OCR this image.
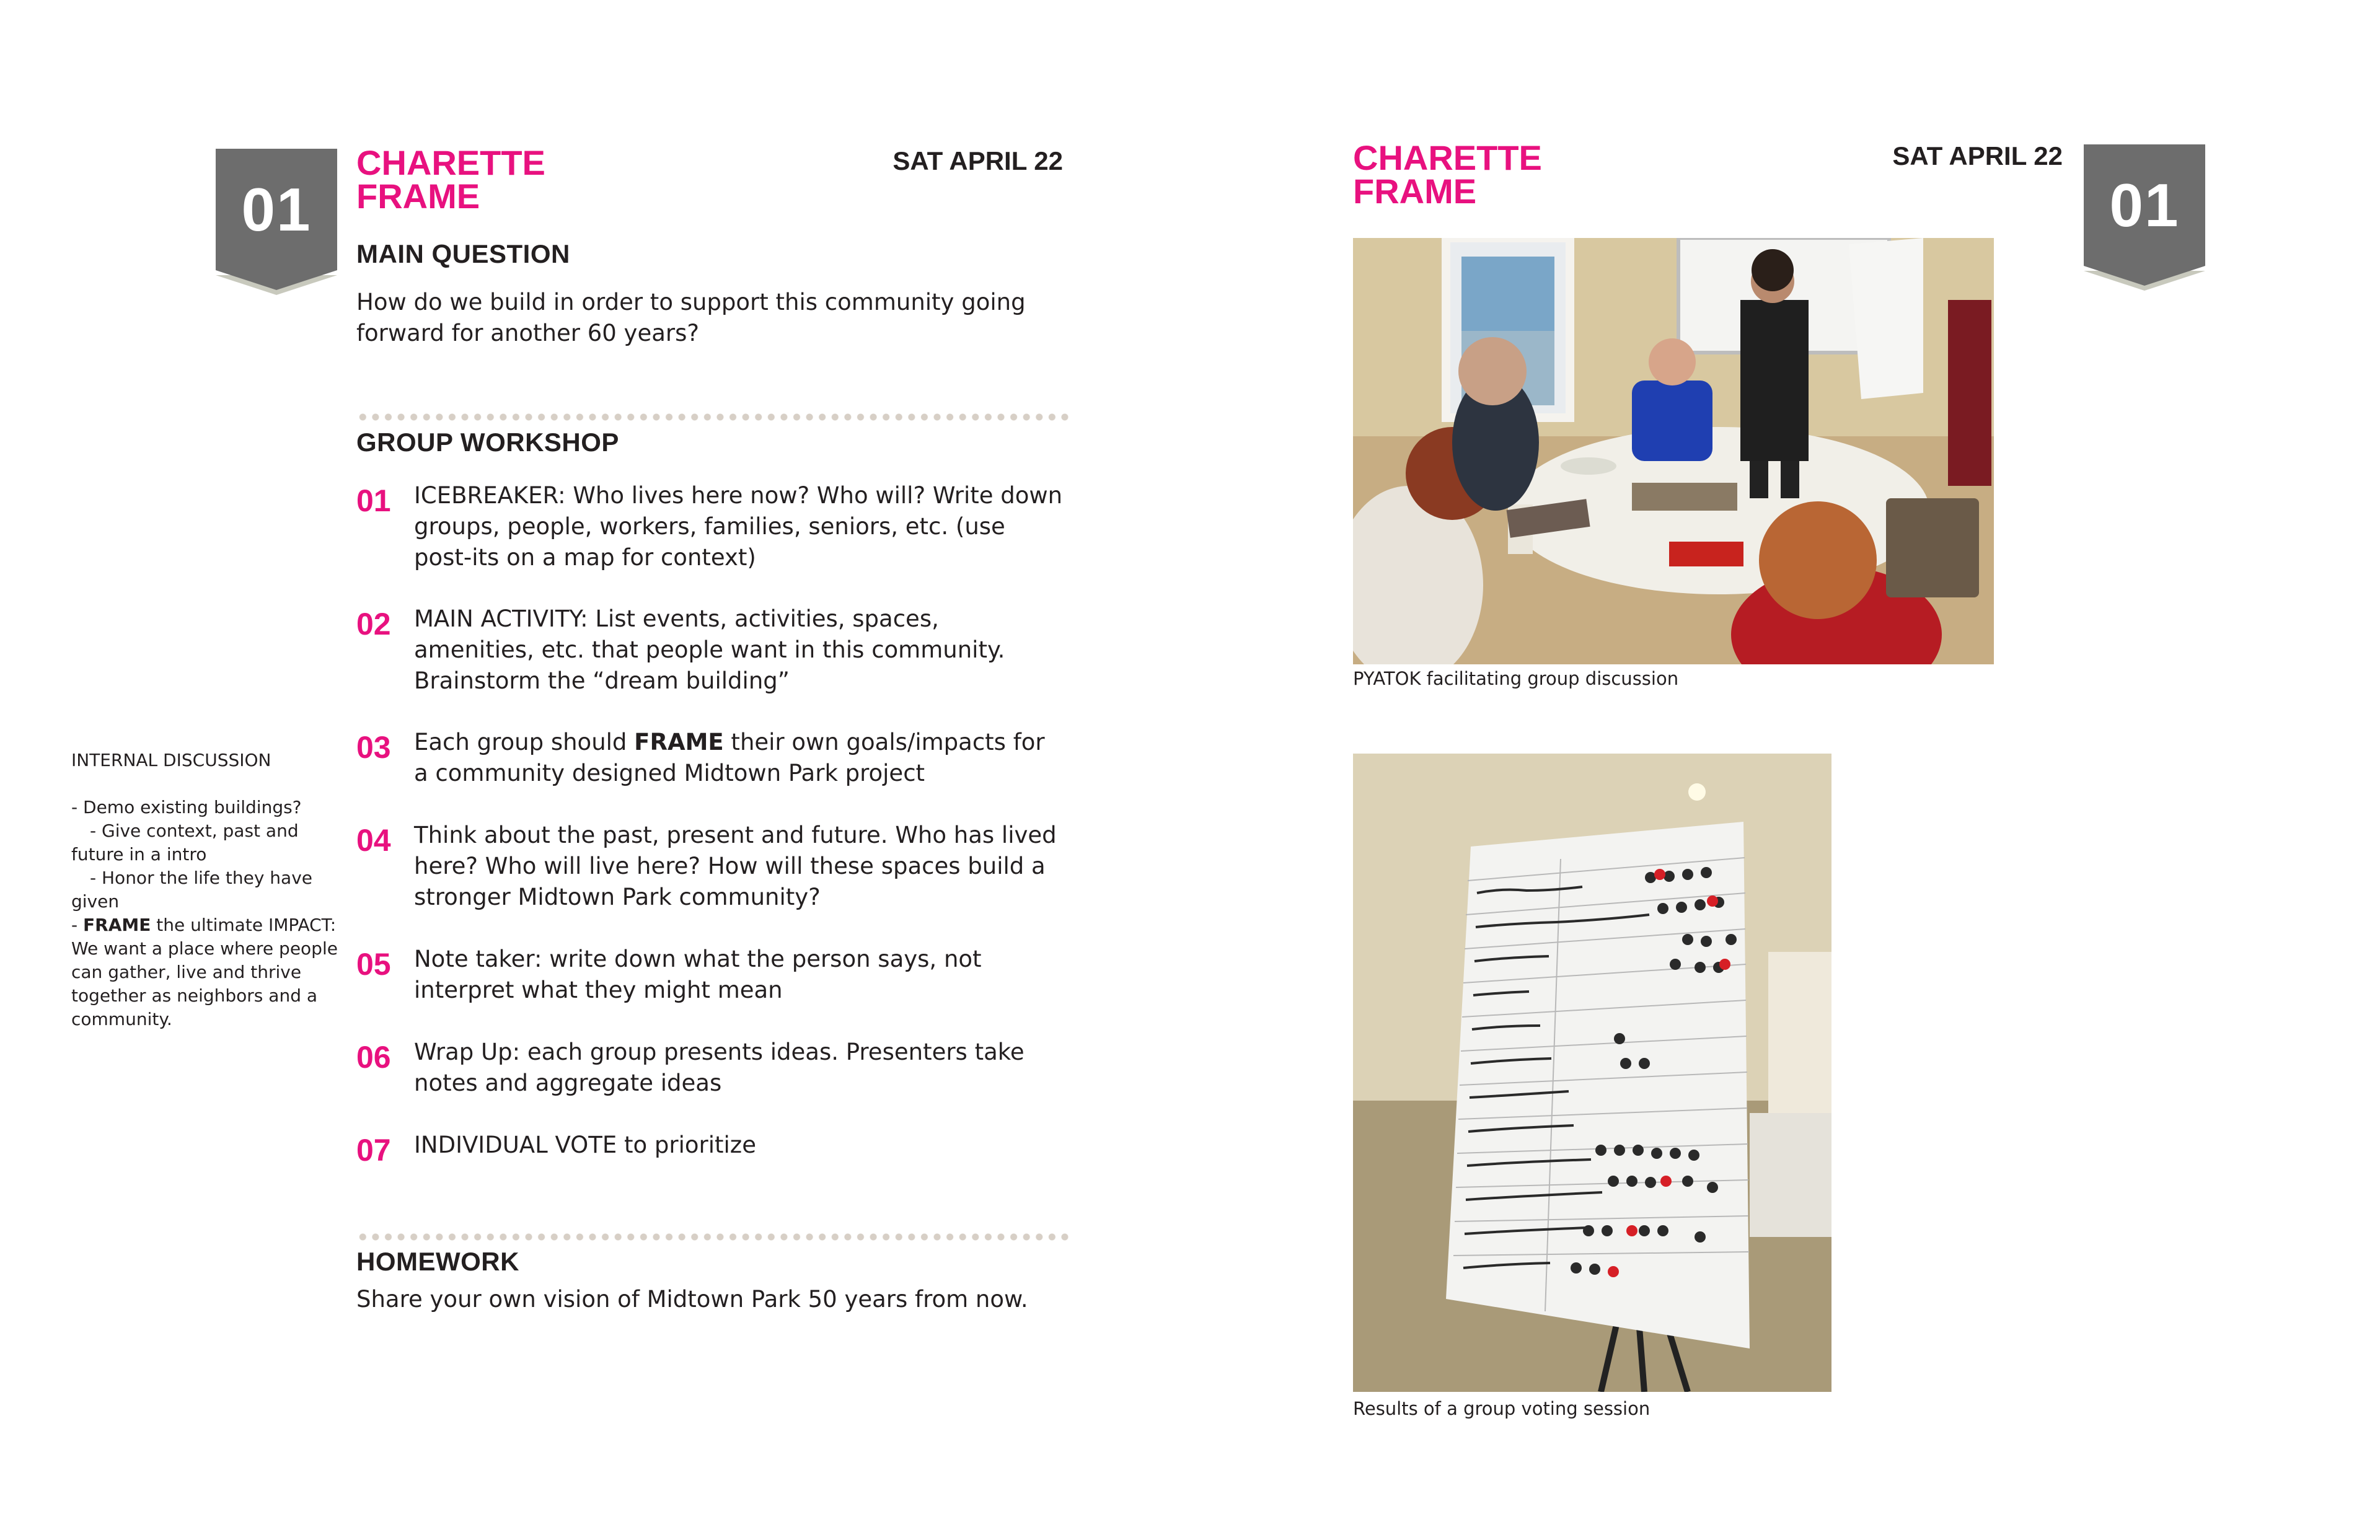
01
CHARETTE
FRAME
SAT APRIL 22
MAIN QUESTION
How do we build in order to support this community going forward for another 60 years?
GROUP WORKSHOP
01 ICEBREAKER: Who lives here now? Who will? Write down groups, people, workers, families, seniors, etc. (use post-its on a map for context)
02 MAIN ACTIVITY: List events, activities, spaces, amenities, etc. that people want in this community. Brainstorm the “dream building”
03 Each group should FRAME their own goals/impacts for a community designed Midtown Park project
04 Think about the past, present and future. Who has lived here? Who will live here? How will these spaces build a stronger Midtown Park community?
05 Note taker: write down what the person says, not interpret what they might mean
06 Wrap Up: each group presents ideas. Presenters take notes and aggregate ideas
07 INDIVIDUAL VOTE to prioritize
HOMEWORK
Share your own vision of Midtown Park 50 years from now.
INTERNAL DISCUSSION
- Demo existing buildings?
- Give context, past and future in a intro
- Honor the life they have given
- FRAME the ultimate IMPACT: We want a place where people can gather, live and thrive together as neighbors and a community.
CHARETTE
FRAME
SAT APRIL 22
01
PYATOK facilitating group discussion
Results of a group voting session
